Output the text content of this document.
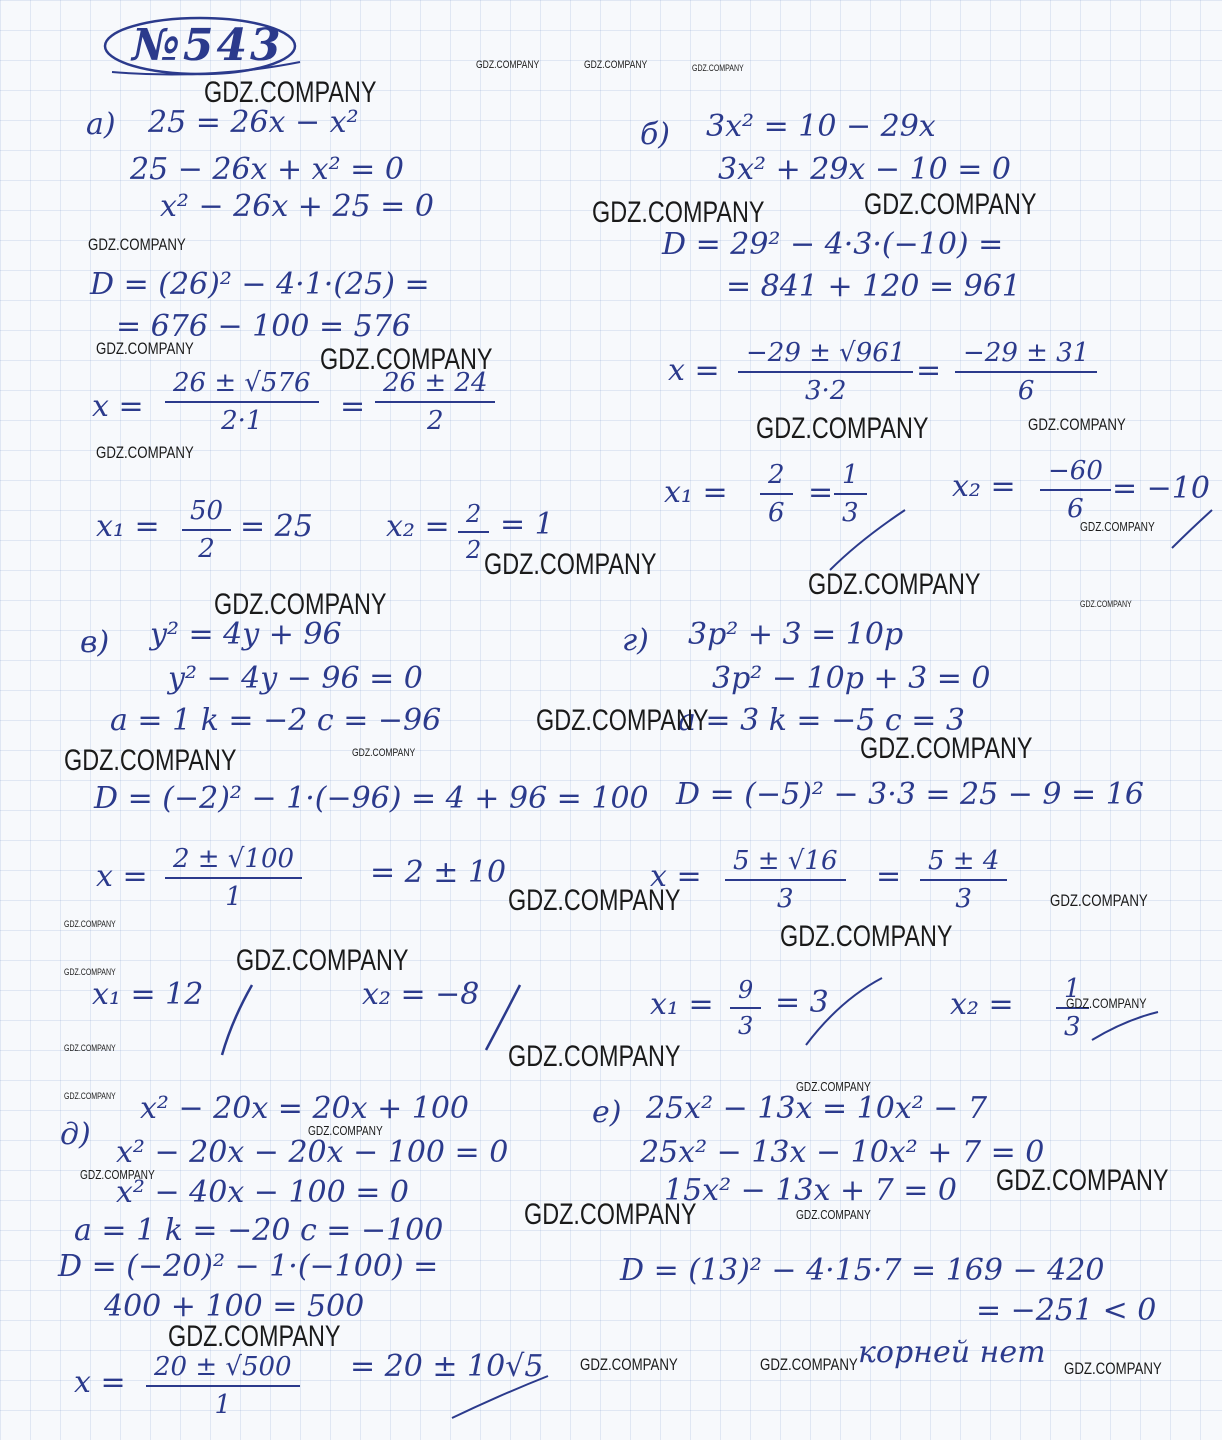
№543
а) 25 = 26x − x²
25 − 26x + x² = 0
x² − 26x + 25 = 0
D = (26)² − 4·1·(25) =
= 676 − 100 = 576
$x = \frac{26 \pm √576}{2\cdot 1} = \frac{26 \pm 24}{2}$
$x_1 = \frac{50}{2} = 25$ $x_2 = \frac{2}{2} = 1$
б) 3x² = 10 − 29x
3x² + 29x − 10 = 0
D = 29² − 4·3·(−10) =
= 841 + 120 = 961
$x = \frac{-29 \pm √961}{3\cdot 2} = \frac{-29 \pm 31}{6}$
$x_1 = \frac{2}{6} = \frac{1}{3}$	$x_2 = \frac{-60}{6} = -10$
в) y² = 4y + 96
y² − 4y − 96 = 0
a = 1 k = −2 c = −96
D = (−2)² − 1·(−96) = 4 + 96 = 100
$x = \frac{2 \pm √100}{1} = 2 \pm 10$
x₁ = 12	x₂ = −8
г) 3p² + 3 = 10p
3p² − 10p + 3 = 0
a = 3 k = −5 c = 3
D = (−5)² − 3·3 = 25 − 9 = 16
$x = \frac{5 \pm √16}{3} = \frac{5 \pm 4}{3}$
$x_1 = \frac{9}{3} = 3$	$x_2 = \frac{1}{3}$
д)
x² − 20x = 20x + 100
x² − 20x − 20x − 100 = 0
x² − 40x − 100 = 0
a = 1 k = −20 c = −100
D = (−20)² − 1·(−100) =
400 + 100 = 500
$x = \frac{20 \pm √500}{1} = 20 \pm 10√5$
е) 25x² − 13x = 10x² − 7
25x² − 13x − 10x² + 7 = 0
15x² − 13x + 7 = 0
D = (13)² − 4·15·7 = 169 − 420
= −251 < 0
корней нет
GDZ.COMPANY	GDZ.COMPANY	GDZ.COMPANY
GDZ.COMPANY
GDZ.COMPANY	GDZ.COMPANY
GDZ.COMPANY
GDZ.COMPANY	GDZ.COMPANY
GDZ.COMPANY	GDZ.COMPANY
GDZ.COMPANY
GDZ.COMPANY
GDZ.COMPANY
GDZ.COMPANY
GDZ.COMPANY	GDZ.COMPANY
GDZ.COMPANY
GDZ.COMPANY
GDZ.COMPANY	GDZ.COMPANY
GDZ.COMPANY	GDZ.COMPANY
GDZ.COMPANY	GDZ.COMPANY
GDZ.COMPANY
GDZ.COMPANY
GDZ.COMPANY
GDZ.COMPANY
GDZ.COMPANY
GDZ.COMPANY
GDZ.COMPANY
GDZ.COMPANY
GDZ.COMPANY
GDZ.COMPANY
GDZ.COMPANY	GDZ.COMPANY
GDZ.COMPANY
GDZ.COMPANY	GDZ.COMPANY	GDZ.COMPANY
